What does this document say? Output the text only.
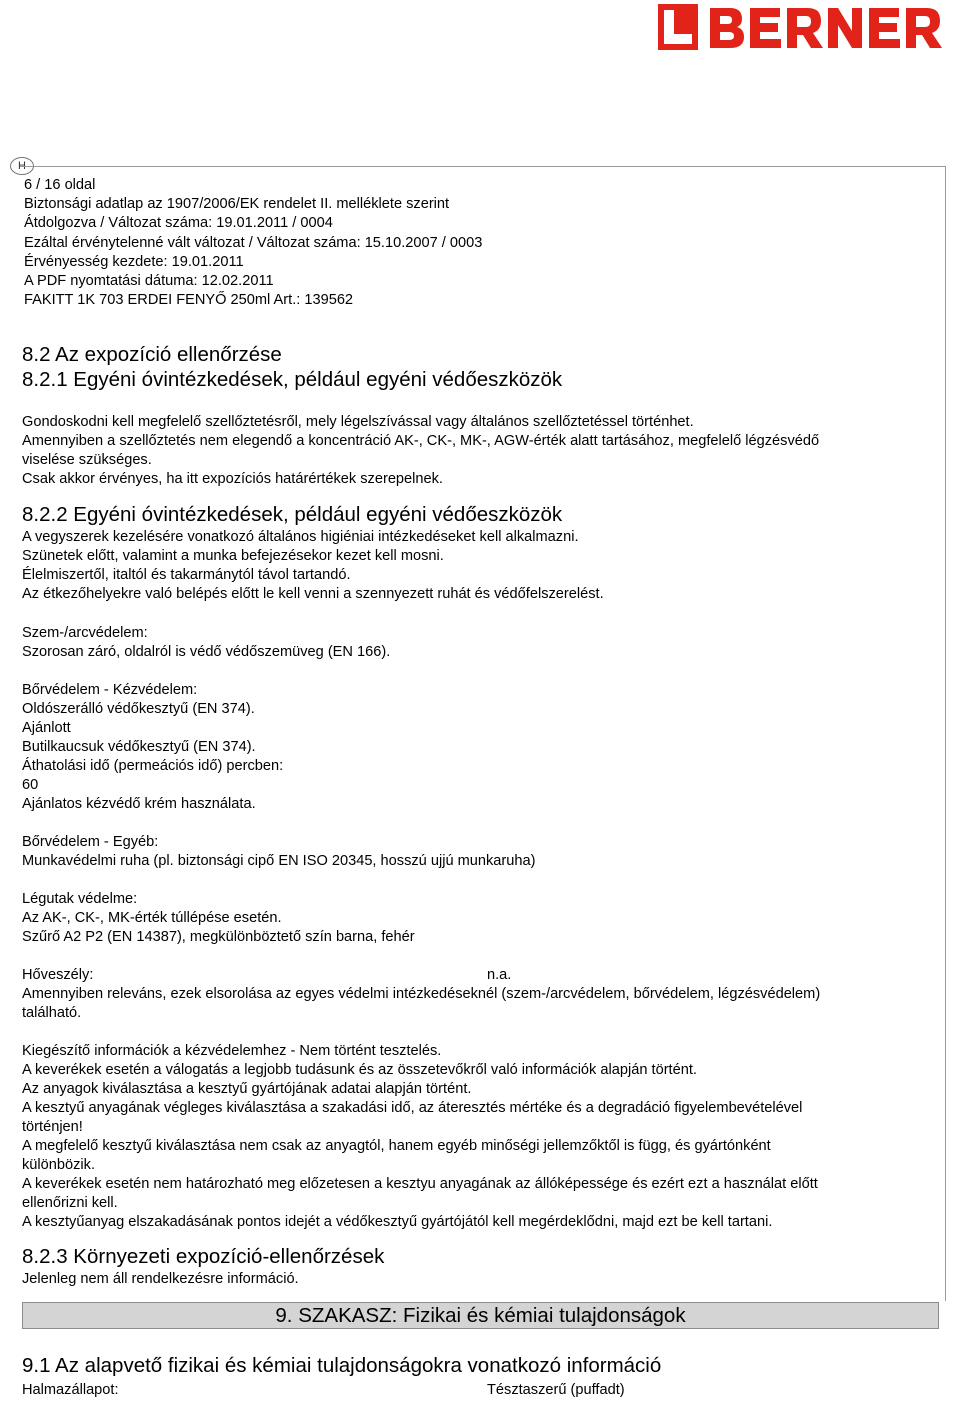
6 / 16 oldal
Biztonsági adatlap az 1907/2006/EK rendelet II. melléklete szerint
Átdolgozva / Változat száma: 19.01.2011 / 0004
Ezáltal érvénytelenné vált változat / Változat száma: 15.10.2007 / 0003
Érvényesség kezdete: 19.01.2011
A PDF nyomtatási dátuma: 12.02.2011
FAKITT 1K 703 ERDEI FENYŐ 250ml Art.: 139562
8.2 Az expozíció ellenőrzése
8.2.1 Egyéni óvintézkedések, például egyéni védőeszközök
Gondoskodni kell megfelelő szellőztetésről, mely légelszívással vagy általános szellőztetéssel történhet.
Amennyiben a szellőztetés nem elegendő a koncentráció AK-, CK-, MK-, AGW-érték alatt tartásához, megfelelő légzésvédő
viselése szükséges.
Csak akkor érvényes, ha itt expozíciós határértékek szerepelnek.
8.2.2 Egyéni óvintézkedések, például egyéni védőeszközök
A vegyszerek kezelésére vonatkozó általános higiéniai intézkedéseket kell alkalmazni.
Szünetek előtt, valamint a munka befejezésekor kezet kell mosni.
Élelmiszertől, italtól és takarmánytól távol tartandó.
Az étkezőhelyekre való belépés előtt le kell venni a szennyezett ruhát és védőfelszerelést.
Szem-/arcvédelem:
Szorosan záró, oldalról is védő védőszemüveg (EN 166).
Bőrvédelem - Kézvédelem:
Oldószerálló védőkesztyű (EN 374).
Ajánlott
Butilkaucsuk védőkesztyű (EN 374).
Áthatolási idő (permeációs idő) percben:
60
Ajánlatos kézvédő krém használata.
Bőrvédelem - Egyéb:
Munkavédelmi ruha (pl. biztonsági cipő EN ISO 20345, hosszú ujjú munkaruha)
Légutak védelme:
Az AK-, CK-, MK-érték túllépése esetén.
Szűrő A2 P2 (EN 14387), megkülönböztető szín barna, fehér
Hőveszély:	n.a.
Amennyiben releváns, ezek elsorolása az egyes védelmi intézkedéseknél (szem-/arcvédelem, bőrvédelem, légzésvédelem)
található.
Kiegészítő információk a kézvédelemhez - Nem történt tesztelés.
A keverékek esetén a válogatás a legjobb tudásunk és az összetevőkről való információk alapján történt.
Az anyagok kiválasztása a kesztyű gyártójának adatai alapján történt.
A kesztyű anyagának végleges kiválasztása a szakadási idő, az áteresztés mértéke és a degradáció figyelembevételével
történjen!
A megfelelő kesztyű kiválasztása nem csak az anyagtól, hanem egyéb minőségi jellemzőktől is függ, és gyártónként
különbözik.
A keverékek esetén nem határozható meg előzetesen a kesztyu anyagának az állóképessége és ezért ezt a használat előtt
ellenőrizni kell.
A kesztyűanyag elszakadásának pontos idejét a védőkesztyű gyártójától kell megérdeklődni, majd ezt be kell tartani.
8.2.3 Környezeti expozíció-ellenőrzések
Jelenleg nem áll rendelkezésre információ.
9. SZAKASZ: Fizikai és kémiai tulajdonságok
9.1 Az alapvető fizikai és kémiai tulajdonságokra vonatkozó információ
Halmazállapot:	Tésztaszerű (puffadt)
